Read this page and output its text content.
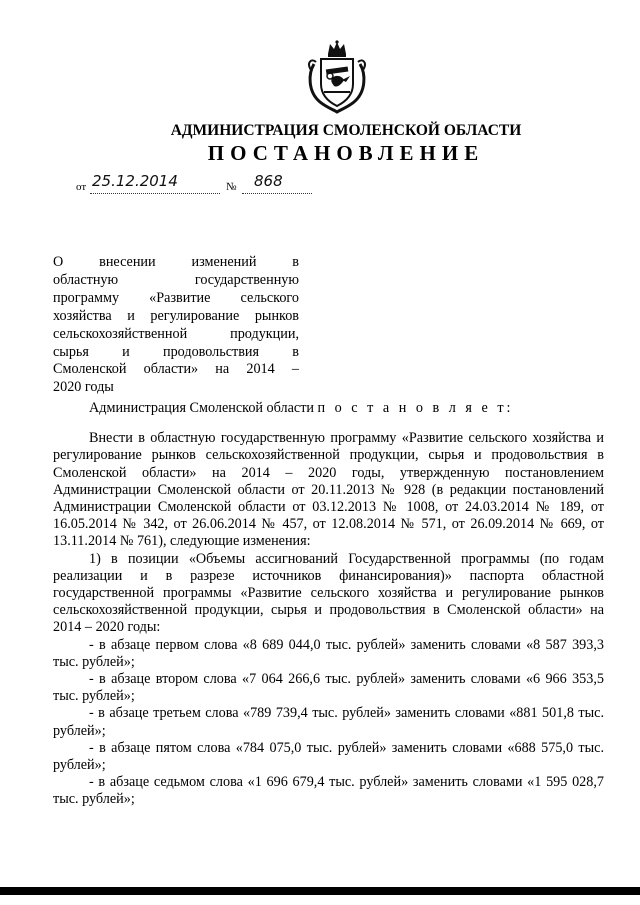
АДМИНИСТРАЦИЯ СМОЛЕНСКОЙ ОБЛАСТИ
ПОСТАНОВЛЕНИЕ
от 25.12.2014	№ 868
О внесении изменений в
областную государственную
программу «Развитие сельского
хозяйства и регулирование рынков
сельскохозяйственной продукции,
сырья и продовольствия в
Смоленской области» на 2014 –
2020 годы

Администрация Смоленской области п о с т а н о в л я е т:

Внести в областную государственную программу «Развитие сельского хозяйства и регулирование рынков сельскохозяйственной продукции, сырья и продовольствия в Смоленской области» на 2014 – 2020 годы, утвержденную постановлением Администрации Смоленской области от 20.11.2013 № 928 (в редакции постановлений Администрации Смоленской области от 03.12.2013 № 1008, от 24.03.2014 № 189, от 16.05.2014 № 342, от 26.06.2014 № 457, от 12.08.2014 № 571, от 26.09.2014 № 669, от 13.11.2014 № 761), следующие изменения:

1) в позиции «Объемы ассигнований Государственной программы (по годам реализации и в разрезе источников финансирования)» паспорта областной государственной программы «Развитие сельского хозяйства и регулирование рынков сельскохозяйственной продукции, сырья и продовольствия в Смоленской области» на 2014 – 2020 годы:

- в абзаце первом слова «8 689 044,0 тыс. рублей» заменить словами «8 587 393,3 тыс. рублей»;

- в абзаце втором слова «7 064 266,6 тыс. рублей» заменить словами «6 966 353,5 тыс. рублей»;

- в абзаце третьем слова «789 739,4 тыс. рублей» заменить словами «881 501,8 тыс. рублей»;

- в абзаце пятом слова «784 075,0 тыс. рублей» заменить словами «688 575,0 тыс. рублей»;

- в абзаце седьмом слова «1 696 679,4 тыс. рублей» заменить словами «1 595 028,7 тыс. рублей»;
